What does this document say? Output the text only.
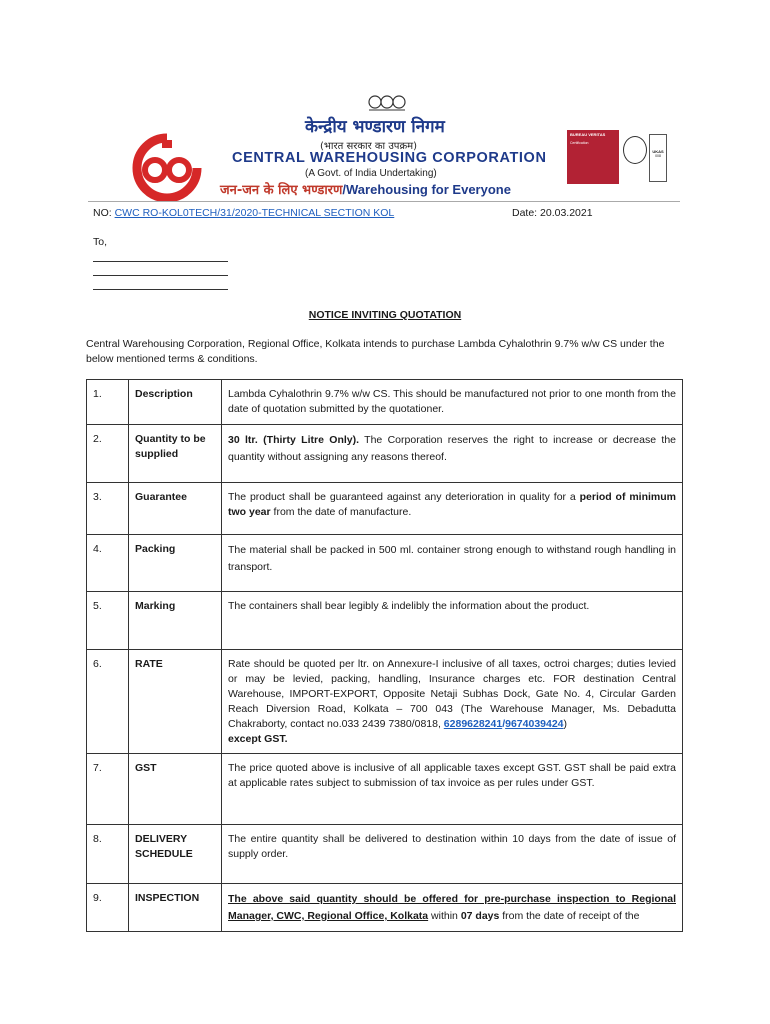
केन्द्रीय भण्डारण निगम
(भारत सरकार का उपक्रम)
CENTRAL WAREHOUSING CORPORATION
(A Govt. of India Undertaking)
जन-जन के लिए भण्डारण/Warehousing for Everyone
BUREAU VERITAS
Certification
UKAS
008
NO: CWC RO-KOL0TECH/31/2020-TECHNICAL SECTION KOL	Date: 20.03.2021
To,
NOTICE INVITING QUOTATION
Central Warehousing Corporation, Regional Office, Kolkata intends to purchase Lambda Cyhalothrin 9.7% w/w CS under the below mentioned terms & conditions.
1.	Description	Lambda Cyhalothrin 9.7% w/w CS. This should be manufactured not prior to one month from the date of quotation submitted by the quotationer.
2.	Quantity to be supplied	30 ltr. (Thirty Litre Only). The Corporation reserves the right to increase or decrease the quantity without assigning any reasons thereof.
3.	Guarantee	The product shall be guaranteed against any deterioration in quality for a period of minimum two year from the date of manufacture.
4.	Packing	The material shall be packed in 500 ml. container strong enough to withstand rough handling in transport.
5.	Marking	The containers shall bear legibly & indelibly the information about the product.
6.	RATE	Rate should be quoted per ltr. on Annexure-I inclusive of all taxes, octroi charges; duties levied or may be levied, packing, handling, Insurance charges etc. FOR destination Central Warehouse, IMPORT-EXPORT, Opposite Netaji Subhas Dock, Gate No. 4, Circular Garden Reach Diversion Road, Kolkata – 700 043 (The Warehouse Manager, Ms. Debadutta Chakraborty, contact no.033 2439 7380/0818, 6289628241/9674039424)
except GST.
7.	GST	The price quoted above is inclusive of all applicable taxes except GST. GST shall be paid extra at applicable rates subject to submission of tax invoice as per rules under GST.
8.	DELIVERY SCHEDULE	The entire quantity shall be delivered to destination within 10 days from the date of issue of supply order.
9.	INSPECTION	The above said quantity should be offered for pre-purchase inspection to Regional Manager, CWC, Regional Office, Kolkata within 07 days from the date of receipt of the
